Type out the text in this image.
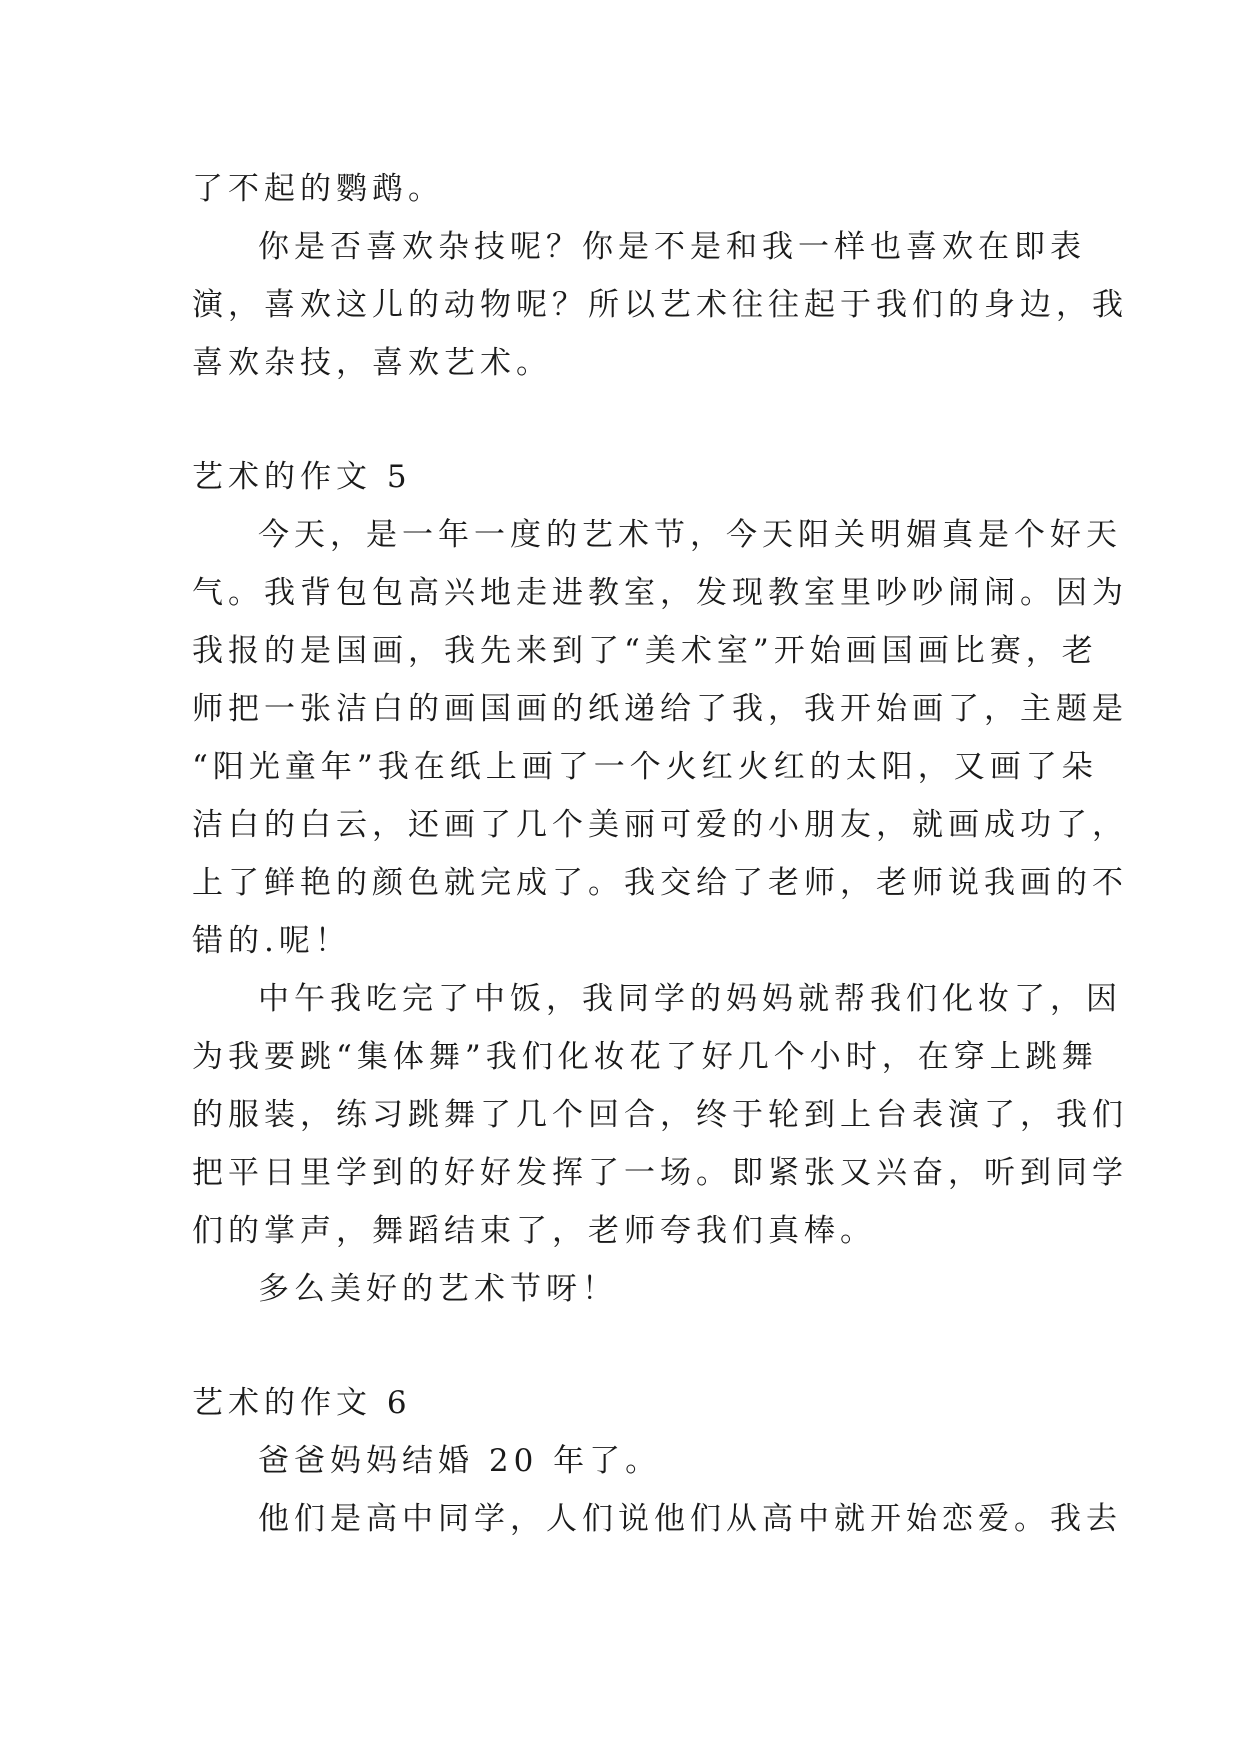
了不起的鹦鹉。
你是否喜欢杂技呢？你是不是和我一样也喜欢在即表
演，喜欢这儿的动物呢？所以艺术往往起于我们的身边，我
喜欢杂技，喜欢艺术。
艺术的作文 5
今天，是一年一度的艺术节，今天阳关明媚真是个好天
气。我背包包高兴地走进教室，发现教室里吵吵闹闹。因为
我报的是国画，我先来到了“美术室”开始画国画比赛，老
师把一张洁白的画国画的纸递给了我，我开始画了，主题是
“阳光童年”我在纸上画了一个火红火红的太阳，又画了朵
洁白的白云，还画了几个美丽可爱的小朋友，就画成功了，
上了鲜艳的颜色就完成了。我交给了老师，老师说我画的不
错的.呢！
中午我吃完了中饭，我同学的妈妈就帮我们化妆了，因
为我要跳“集体舞”我们化妆花了好几个小时，在穿上跳舞
的服装，练习跳舞了几个回合，终于轮到上台表演了，我们
把平日里学到的好好发挥了一场。即紧张又兴奋，听到同学
们的掌声，舞蹈结束了，老师夸我们真棒。
多么美好的艺术节呀！
艺术的作文 6
爸爸妈妈结婚 20 年了。
他们是高中同学，人们说他们从高中就开始恋爱。我去
